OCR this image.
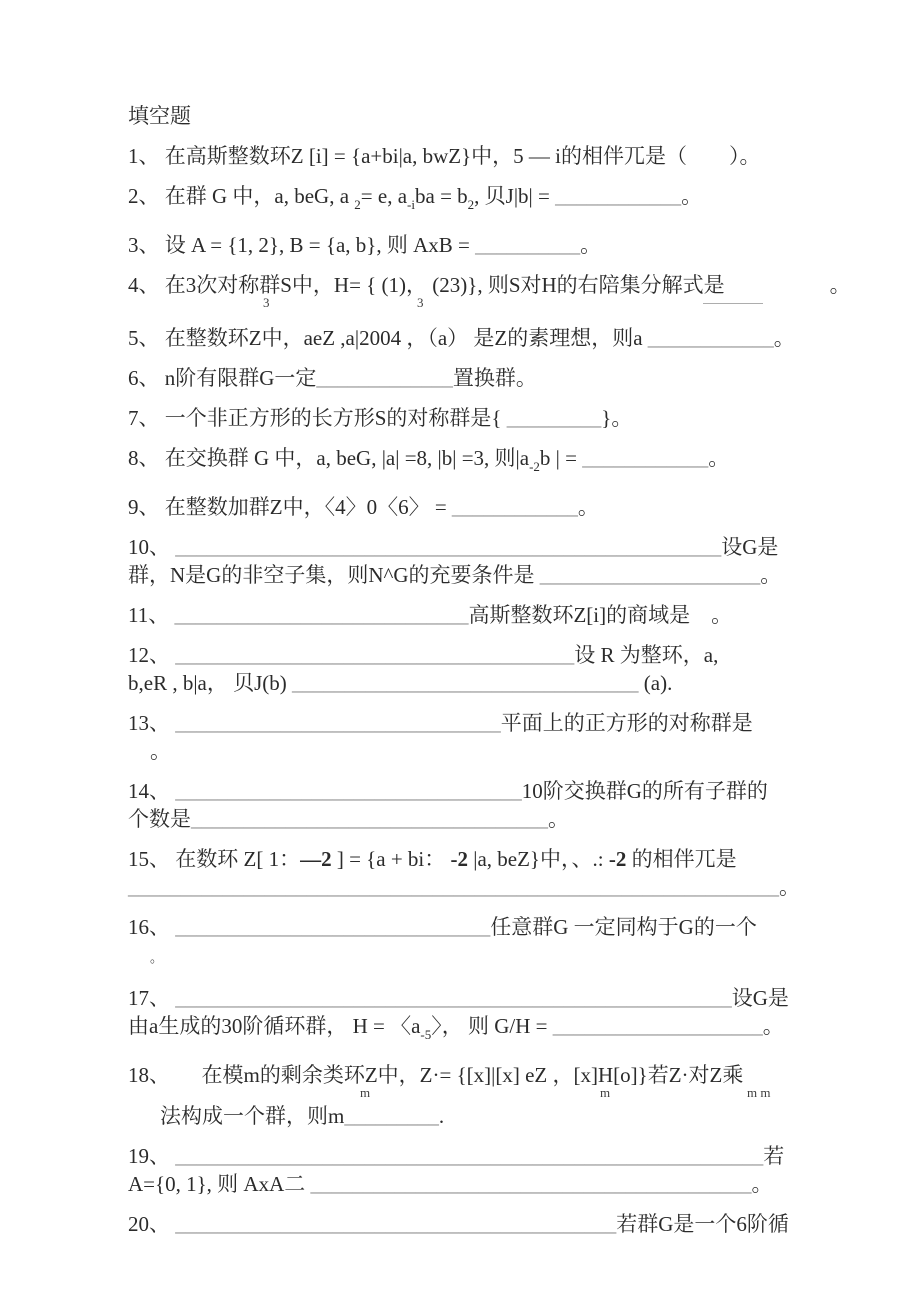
填空题
1、 在高斯整数环Z [i] = {a+bi|a, bwZ}中，5 — i的相伴兀是（　　）。
2、 在群 G 中，a, beG, a $_2$= e, $a_{-i}ba = b_2$, 贝J|b| = ____________。
3、 设 A = {1, 2}, B = {a, b}, 则 AxB = __________。
4、 在3次对称群S中，H= { (1)， (23)}, 则S对H的右陪集分解式是　　　　　	。
3	3
5、 在整数环Z中，aeZ ,a|2004 ，（a） 是Z的素理想，则a ____________。
6、 n阶有限群G一定_____________置换群。
7、 一个非正方形的长方形S的对称群是{ _________}。
8、 在交换群 G 中，a, beG, |a| =8, |b| =3, 则$|a_{-2}b$ | = ____________。
9、 在整数加群Z中，〈4〉0〈6〉 = ____________。
10、 ____________________________________________________设G是
群，N是G的非空子集，则N^G的充要条件是 _____________________。
11、 ____________________________高斯整数环Z[i]的商域是　。
12、 ______________________________________设 R 为整环，a,
b,eR , b|a， 贝J(b) _________________________________ (a).
13、 _______________________________平面上的正方形的对称群是
。
14、 _________________________________10阶交换群G的所有子群的
个数是__________________________________。
15、 在数环 Z[ 1：—2 ] = {a + bi： -2 |a, beZ}中，、.: -2 的相伴兀是
______________________________________________________________。
16、 ______________________________任意群G 一定同构于G的一个
。
17、 _____________________________________________________设G是
由a生成的30阶循环群， H = 〈$a_{-5}$〉， 则 G/H = ____________________。
18、　　在模m的剩余类环Z中，Z·= {[x]|[x] eZ ，[x]H[o]}若Z·对Z乘
m	m	m m
法构成一个群，则m_________.
19、 ________________________________________________________若
A={0, 1}, 则 AxA二 __________________________________________。
20、 __________________________________________若群G是一个6阶循
